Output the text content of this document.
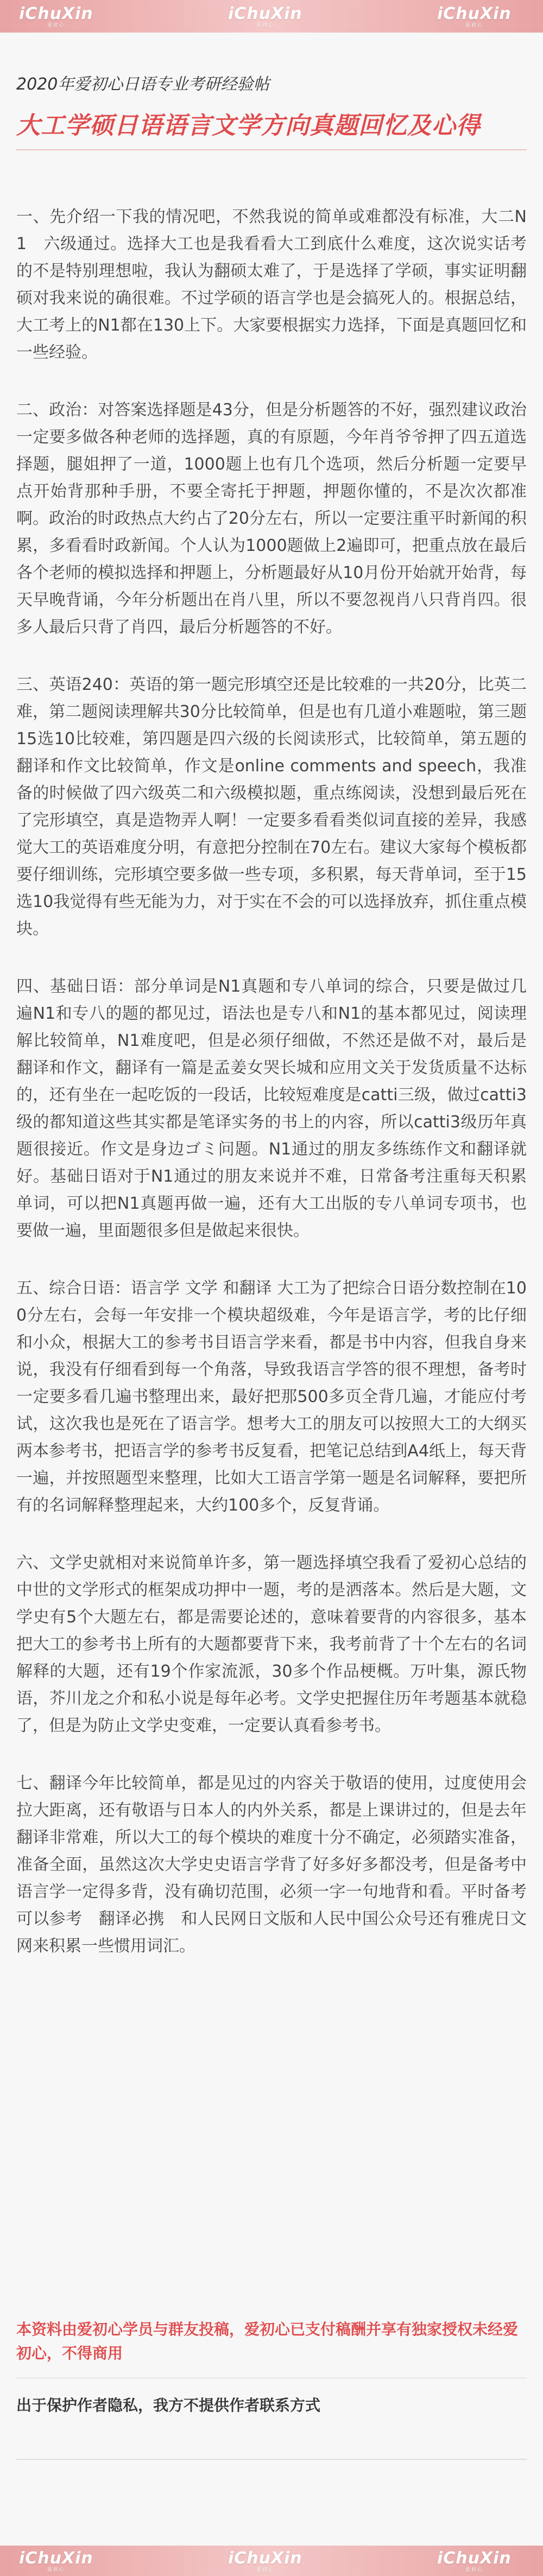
iChuXin
爱初心
iChuXin
爱初心
iChuXin
爱初心
2020年爱初心日语专业考研经验帖
大工学硕日语语言文学方向真题回忆及心得

一、先介绍一下我的情况吧，不然我说的简单或难都没有标准，大二N1　六级通过。选择大工也是我看看大工到底什么难度，这次说实话考的不是特别理想啦，我认为翻硕太难了，于是选择了学硕，事实证明翻硕对我来说的确很难。不过学硕的语言学也是会搞死人的。根据总结，大工考上的N1都在130上下。大家要根据实力选择，下面是真题回忆和一些经验。

二、政治：对答案选择题是43分，但是分析题答的不好，强烈建议政治一定要多做各种老师的选择题，真的有原题，今年肖爷爷押了四五道选择题，腿姐押了一道，1000题上也有几个选项，然后分析题一定要早点开始背那种手册，不要全寄托于押题，押题你懂的，不是次次都准啊。政治的时政热点大约占了20分左右，所以一定要注重平时新闻的积累，多看看时政新闻。个人认为1000题做上2遍即可，把重点放在最后各个老师的模拟选择和押题上，分析题最好从10月份开始就开始背，每天早晚背诵，今年分析题出在肖八里，所以不要忽视肖八只背肖四。很多人最后只背了肖四，最后分析题答的不好。

三、英语240：英语的第一题完形填空还是比较难的一共20分，比英二难，第二题阅读理解共30分比较简单，但是也有几道小难题啦，第三题15选10比较难，第四题是四六级的长阅读形式，比较简单，第五题的翻译和作文比较简单，作文是online comments and speech，我准备的时候做了四六级英二和六级模拟题，重点练阅读，没想到最后死在了完形填空，真是造物弄人啊！一定要多看看类似词直接的差异，我感觉大工的英语难度分明，有意把分控制在70左右。建议大家每个模板都要仔细训练，完形填空要多做一些专项，多积累，每天背单词，至于15选10我觉得有些无能为力，对于实在不会的可以选择放弃，抓住重点模块。

四、基础日语：部分单词是N1真题和专八单词的综合，只要是做过几遍N1和专八的题的都见过，语法也是专八和N1的基本都见过，阅读理解比较简单，N1难度吧，但是必须仔细做，不然还是做不对，最后是翻译和作文，翻译有一篇是孟姜女哭长城和应用文关于发货质量不达标的，还有坐在一起吃饭的一段话，比较短难度是catti三级，做过catti3级的都知道这些其实都是笔译实务的书上的内容，所以catti3级历年真题很接近。作文是身边ゴミ问题。N1通过的朋友多练练作文和翻译就好。基础日语对于N1通过的朋友来说并不难，日常备考注重每天积累单词，可以把N1真题再做一遍，还有大工出版的专八单词专项书，也要做一遍，里面题很多但是做起来很快。

五、综合日语：语言学 文学 和翻译 大工为了把综合日语分数控制在100分左右，会每一年安排一个模块超级难，今年是语言学，考的比仔细和小众，根据大工的参考书目语言学来看，都是书中内容，但我自身来说，我没有仔细看到每一个角落，导致我语言学答的很不理想，备考时一定要多看几遍书整理出来，最好把那500多页全背几遍，才能应付考试，这次我也是死在了语言学。想考大工的朋友可以按照大工的大纲买两本参考书，把语言学的参考书反复看，把笔记总结到A4纸上，每天背一遍，并按照题型来整理，比如大工语言学第一题是名词解释，要把所有的名词解释整理起来，大约100多个，反复背诵。

六、文学史就相对来说简单许多，第一题选择填空我看了爱初心总结的中世的文学形式的框架成功押中一题，考的是洒落本。然后是大题，文学史有5个大题左右，都是需要论述的，意味着要背的内容很多，基本把大工的参考书上所有的大题都要背下来，我考前背了十个左右的名词解释的大题，还有19个作家流派，30多个作品梗概。万叶集，源氏物语，芥川龙之介和私小说是每年必考。文学史把握住历年考题基本就稳了，但是为防止文学史变难，一定要认真看参考书。

七、翻译今年比较简单，都是见过的内容关于敬语的使用，过度使用会拉大距离，还有敬语与日本人的内外关系，都是上课讲过的，但是去年翻译非常难，所以大工的每个模块的难度十分不确定，必须踏实准备，准备全面，虽然这次大学史史语言学背了好多好多都没考，但是备考中语言学一定得多背，没有确切范围，必须一字一句地背和看。平时备考可以参考　翻译必携　和人民网日文版和人民中国公众号还有雅虎日文网来积累一些惯用词汇。

本资料由爱初心学员与群友投稿，爱初心已支付稿酬并享有独家授权未经爱初心，不得商用
出于保护作者隐私，我方不提供作者联系方式
iChuXin
爱初心
iChuXin
爱初心
iChuXin
爱初心
